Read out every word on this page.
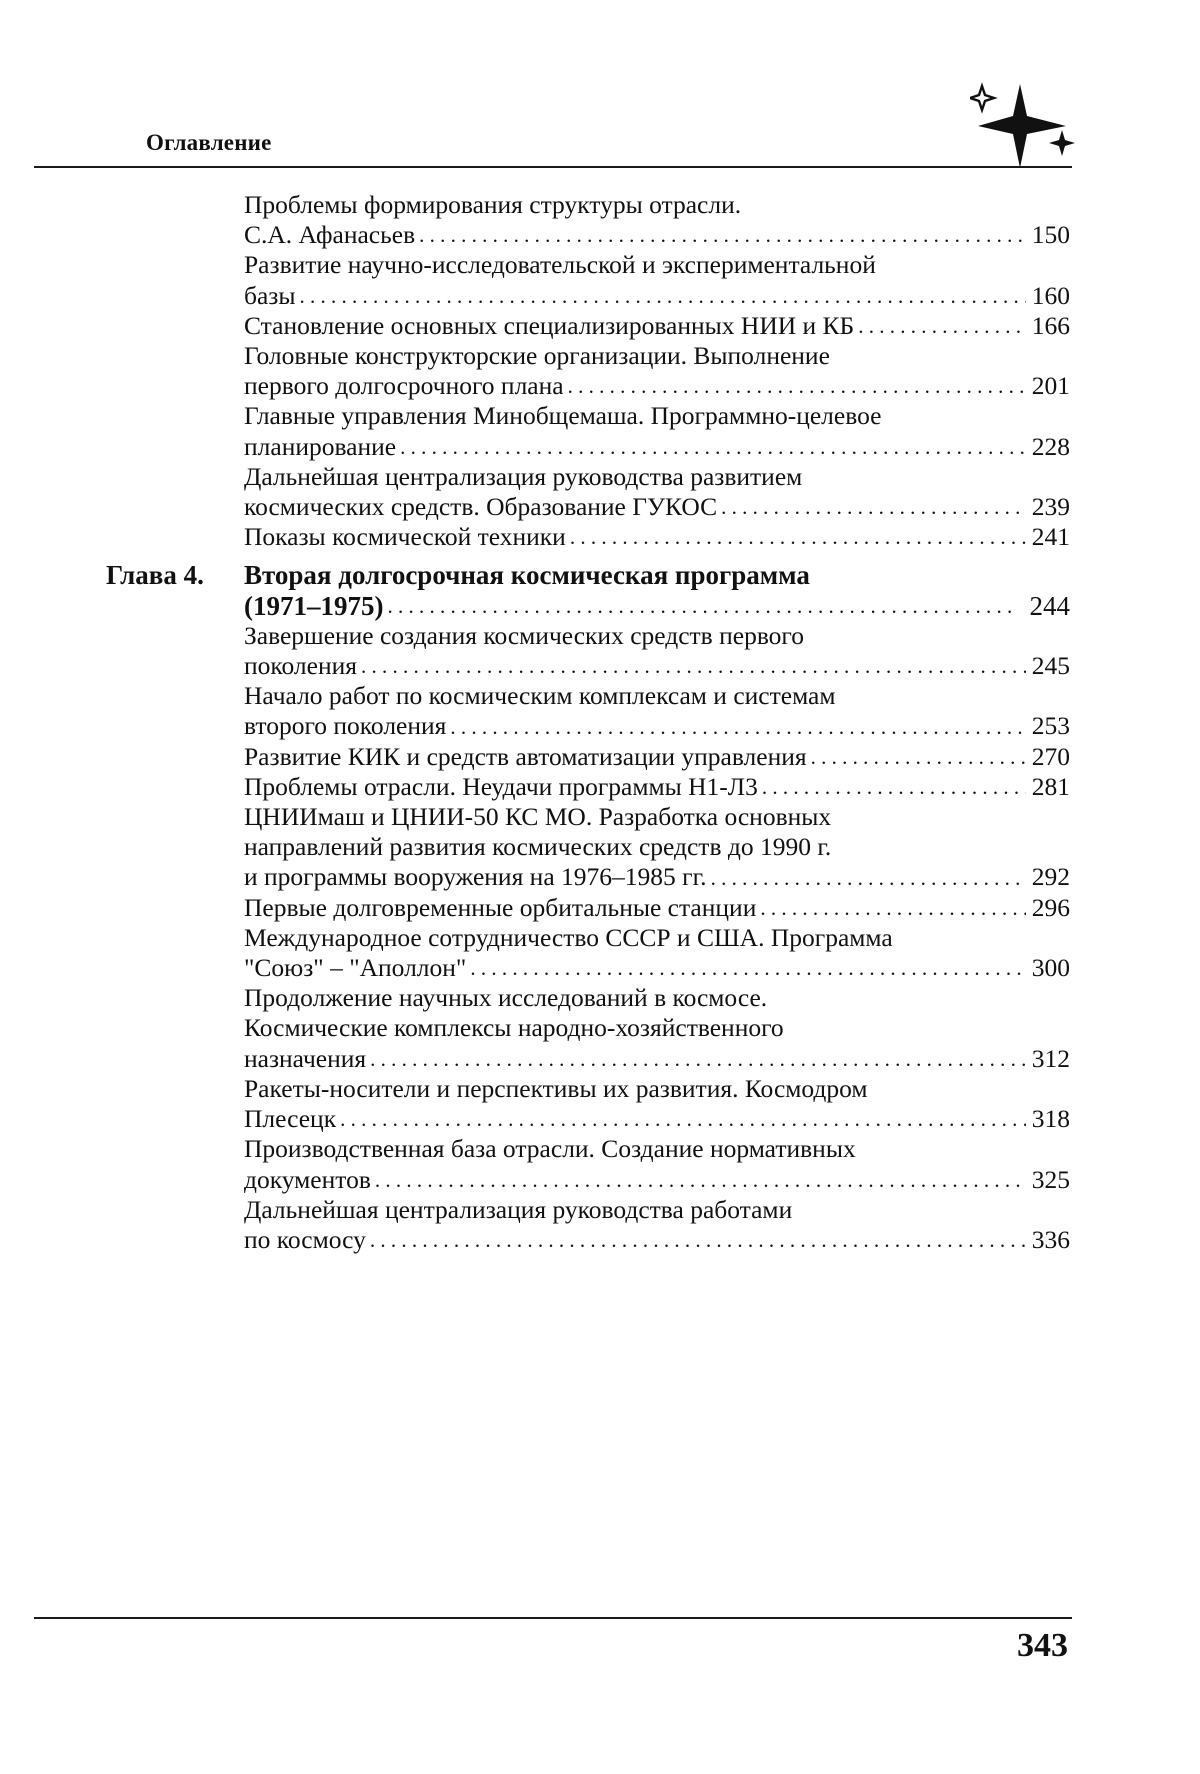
Оглавление
Проблемы формирования структуры отрасли.
С.А. Афанасьев . . .	150
Развитие научно-исследовательской и экспериментальной
базы . . .	160
Становление основных специализированных НИИ и КБ . . .	166
Головные конструкторские организации. Выполнение
первого долгосрочного плана . . .	201
Главные управления Минобщемаша. Программно-целевое
планирование . . .	228
Дальнейшая централизация руководства развитием
космических средств. Образование ГУКОС . . .	239
Показы космической техники . . .	241
Глава 4. Вторая долгосрочная космическая программа
(1971–1975) . . .	244
Завершение создания космических средств первого
поколения . . .	245
Начало работ по космическим комплексам и системам
второго поколения . . .	253
Развитие КИК и средств автоматизации управления . . .	270
Проблемы отрасли. Неудачи программы Н1-Л3 . . .	281
ЦНИИмаш и ЦНИИ-50 КС МО. Разработка основных
направлений развития космических средств до 1990 г.
и программы вооружения на 1976–1985 гг. . . .	292
Первые долговременные орбитальные станции . . .	296
Международное сотрудничество СССР и США. Программа
"Союз" – "Аполлон" . . .	300
Продолжение научных исследований в космосе.
Космические комплексы народно-хозяйственного
назначения . . .	312
Ракеты-носители и перспективы их развития. Космодром
Плесецк . . .	318
Производственная база отрасли. Создание нормативных
документов . . .	325
Дальнейшая централизация руководства работами
по космосу . . .	336
343
